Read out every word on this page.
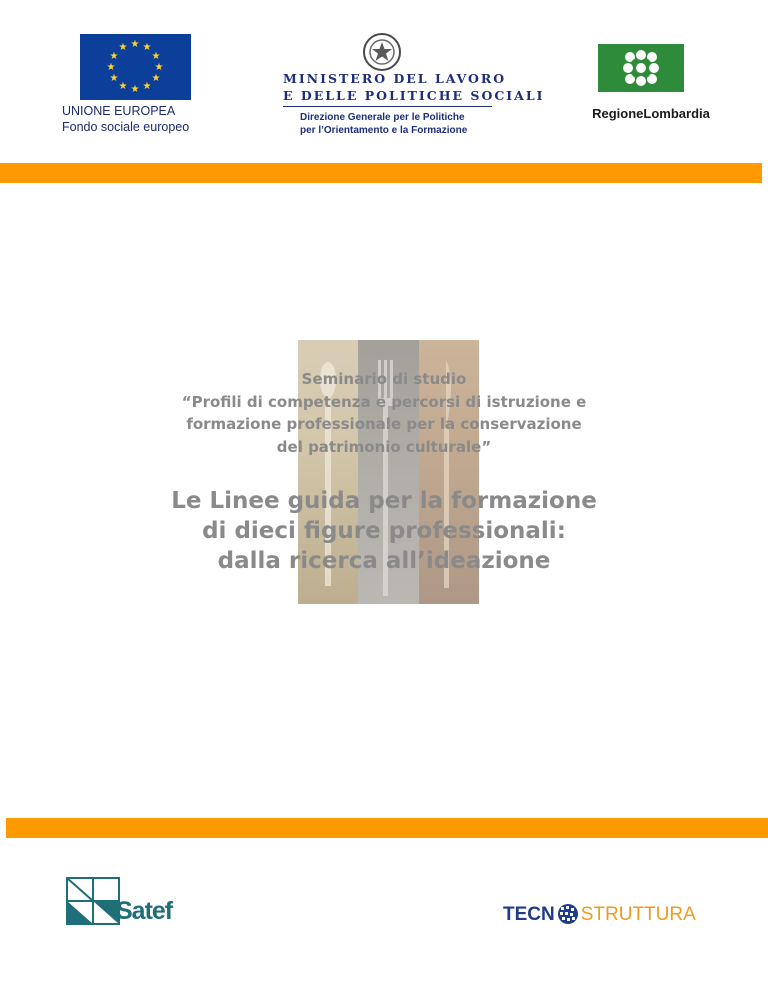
★ ★
★
★
★
★
★
★
★
★
★
★
UNIONE EUROPEA
Fondo sociale europeo
MINISTERO DEL LAVORO
E DELLE POLITICHE SOCIALI
Direzione Generale per le Politiche
per l’Orientamento e la Formazione
RegioneLombardia
Seminario di studio
“Profili di competenza e percorsi di istruzione e
formazione professionale per la conservazione
del patrimonio culturale”
Le Linee guida per la formazione
di dieci figure professionali:
dalla ricerca all’ideazione
Satef	TECN STRUTTURA
